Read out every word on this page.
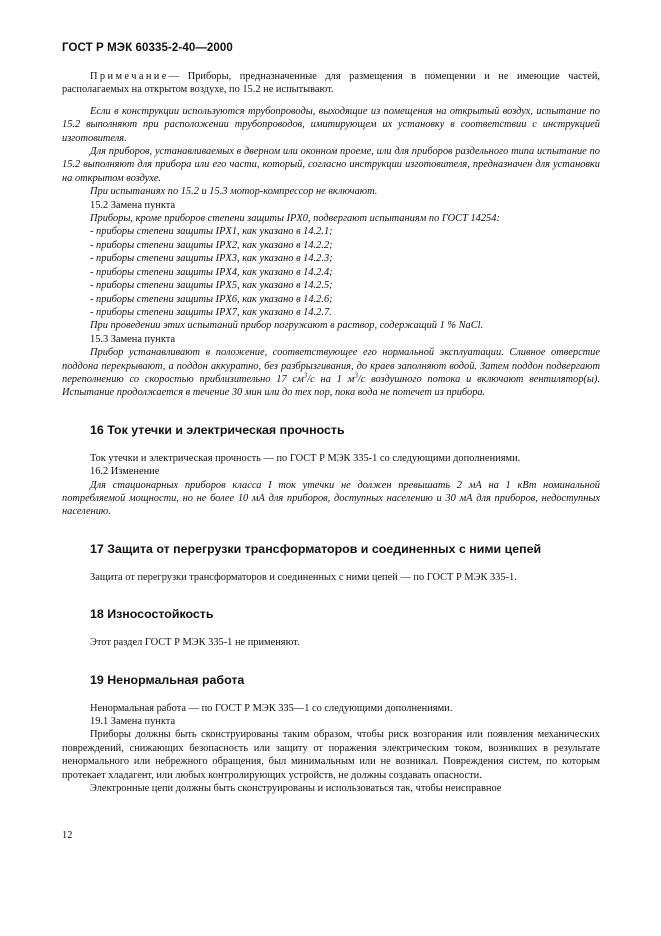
ГОСТ Р МЭК 60335-2-40—2000

Примечание— Приборы, предназначенные для размещения в помещении и не имеющие частей, располагаемых на открытом воздухе, по 15.2 не испытывают.

Если в конструкции используются трубопроводы, выходящие из помещения на открытый воздух, испытание по 15.2 выполняют при расположении трубопроводов, имитирующем их установку в соответствии с инструкцией изготовителя.

Для приборов, устанавливаемых в дверном или оконном проеме, или для приборов раздельного типа испытание по 15.2 выполняют для прибора или его части, который, согласно инструкции изготовителя, предназначен для установки на открытом воздухе.

При испытаниях по 15.2 и 15.3 мотор-компрессор не включают.

15.2 Замена пункта

Приборы, кроме приборов степени защиты IPX0, подвергают испытаниям по ГОСТ 14254:

- приборы степени защиты IPX1, как указано в 14.2.1;

- приборы степени защиты IPX2, как указано в 14.2.2;

- приборы степени защиты IPX3, как указано в 14.2.3;

- приборы степени защиты IPX4, как указано в 14.2.4;

- приборы степени защиты IPX5, как указано в 14.2.5;

- приборы степени защиты IPX6, как указано в 14.2.6;

- приборы степени защиты IPX7, как указано в 14.2.7.

При проведении этих испытаний прибор погружают в раствор, содержащий 1 % NaCl.

15.3 Замена пункта

Прибор устанавливают в положение, соответствующее его нормальной эксплуатации. Сливное отверстие поддона перекрывают, а поддон аккуратно, без разбрызгивания, до краев заполняют водой. Затем поддон подвергают переполнению со скоростью приблизительно 17 $см^3/с$ на 1 $м^3/с$ воздушного потока и включают вентилятор(ы). Испытание продолжается в течение 30 мин или до тех пор, пока вода не потечет из прибора.

16 Ток утечки и электрическая прочность

Ток утечки и электрическая прочность — по ГОСТ Р МЭК 335-1 со следующими дополнениями.

16.2 Изменение

Для стационарных приборов класса I ток утечки не должен превышать 2 мА на 1 кВт номинальной потребляемой мощности, но не более 10 мА для приборов, доступных населению и 30 мА для приборов, недоступных населению.

17 Защита от перегрузки трансформаторов и соединенных с ними цепей

Защита от перегрузки трансформаторов и соединенных с ними цепей — по ГОСТ Р МЭК 335-1.

18 Износостойкость

Этот раздел ГОСТ Р МЭК 335-1 не применяют.

19 Ненормальная работа

Ненормальная работа — по ГОСТ Р МЭК 335—1 со следующими дополнениями.

19.1 Замена пункта

Приборы должны быть сконструированы таким образом, чтобы риск возгорания или появления механических повреждений, снижающих безопасность или защиту от поражения электрическим током, возникших в результате ненормального или небрежного обращения, был минимальным или не возникал. Повреждения систем, по которым протекает хладагент, или любых контролирующих устройств, не должны создавать опасности.

Электронные цепи должны быть сконструированы и использоваться так, чтобы неисправное

12
